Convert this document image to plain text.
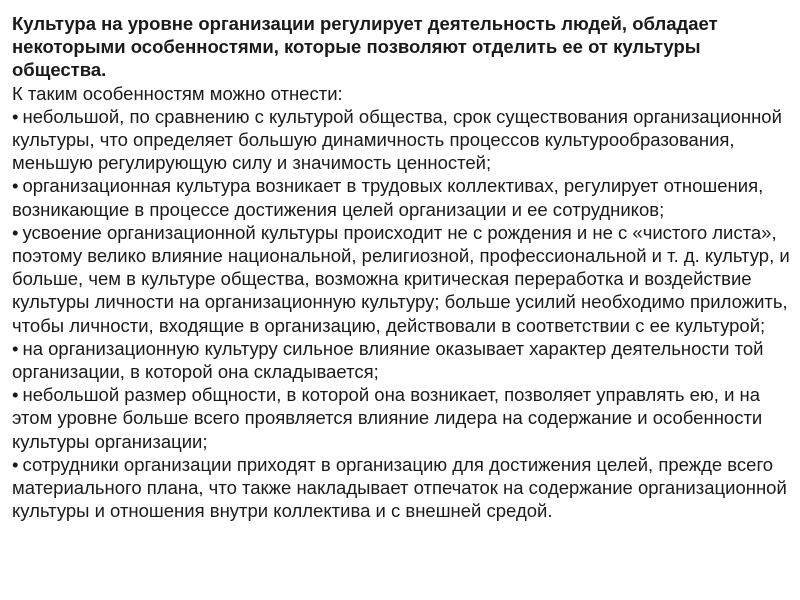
Культура на уровне организации регулирует деятельность людей, обладает некоторыми особенностями, которые позволяют отделить ее от культуры общества.

К таким особенностям можно отнести:

• небольшой, по сравнению с культурой общества, срок существования организационной культуры, что определяет большую динамичность процессов культурообразования, меньшую регулирующую силу и значимость ценностей;

• организационная культура возникает в трудовых коллективах, регулирует отношения, возникающие в процессе достижения целей организации и ее сотрудников;

• усвоение организационной культуры происходит не с рождения и не с «чистого листа», поэтому велико влияние национальной, религиозной, профессиональной и т. д. культур, и больше, чем в культуре общества, возможна критическая переработка и воздействие культуры личности на организационную культуру; больше усилий необходимо приложить, чтобы личности, входящие в организацию, действовали в соответствии с ее культурой;

• на организационную культуру сильное влияние оказывает характер деятельности той организации, в которой она складывается;

• небольшой размер общности, в которой она возникает, позволяет управлять ею, и на этом уровне больше всего проявляется влияние лидера на содержание и особенности культуры организации;

• сотрудники организации приходят в организацию для достижения целей, прежде всего материального плана, что также накладывает отпечаток на содержание организационной культуры и отношения внутри коллектива и с внешней средой.
